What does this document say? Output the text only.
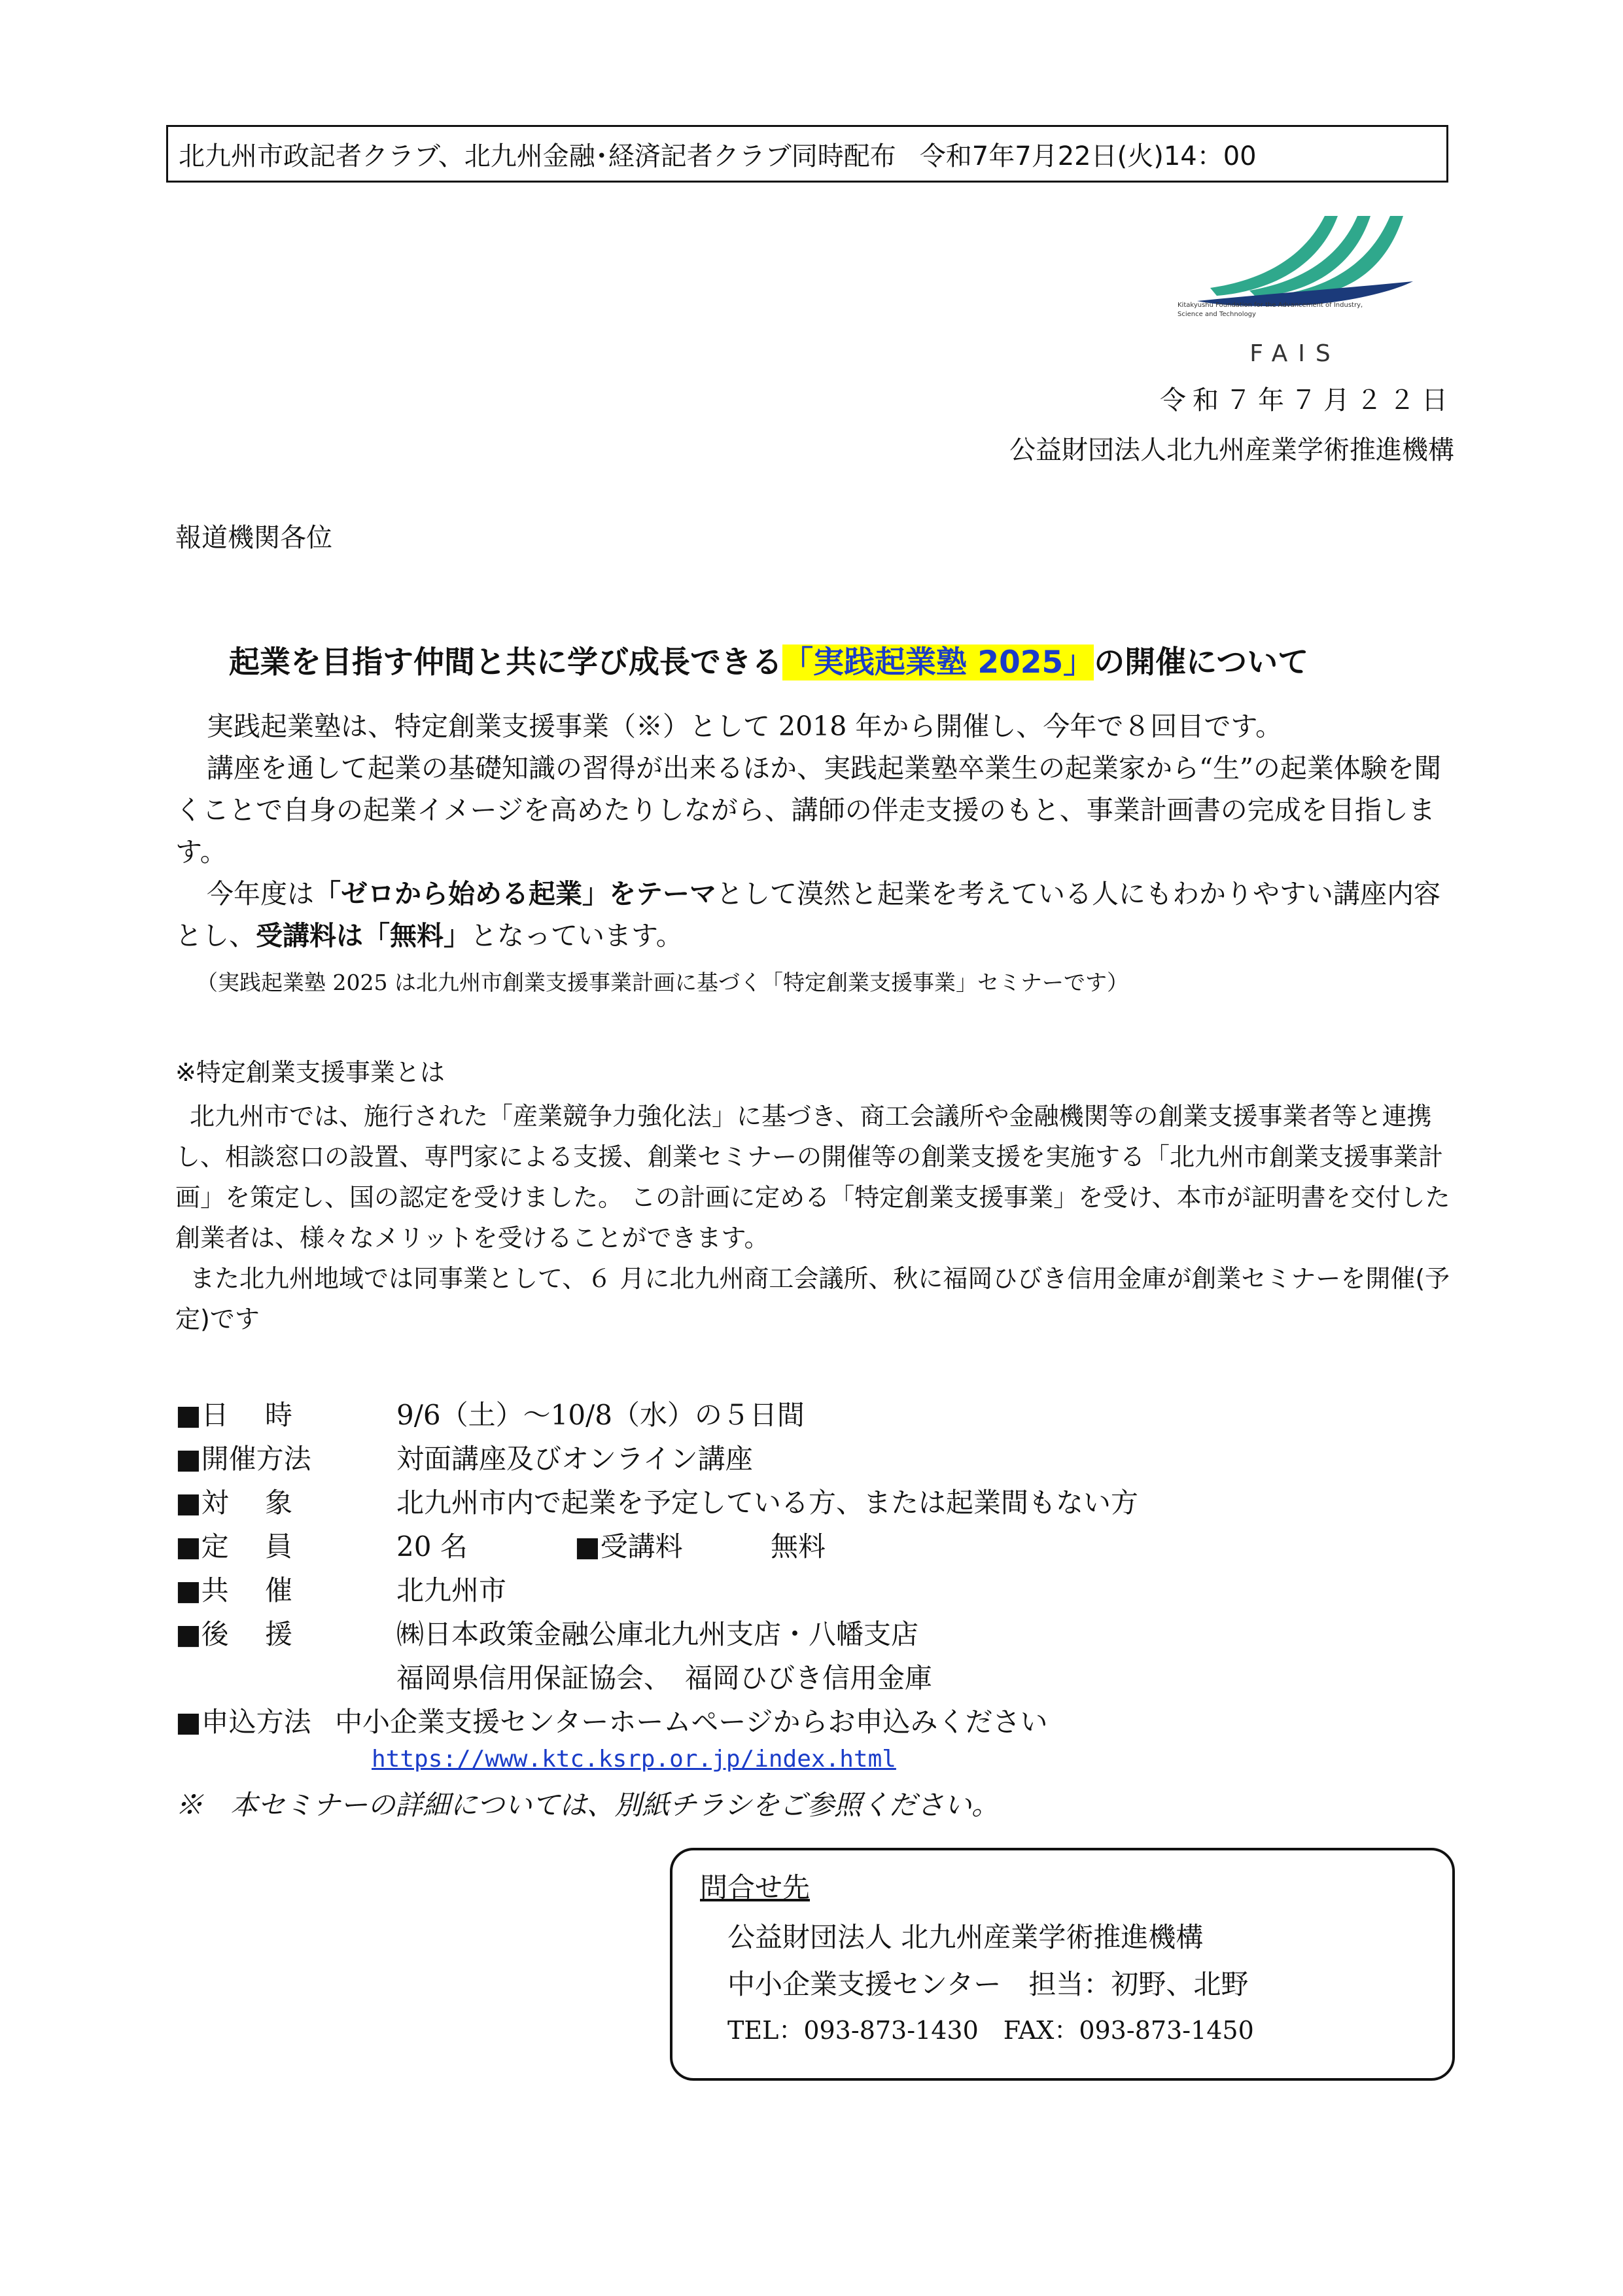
北九州市政記者クラブ、北九州金融･経済記者クラブ同時配布 令和7年7月22日(火)14：00
Kitakyushu Foundation for the Advancement of Industry, Science and Technology
FAIS
令和７年７月２２日
公益財団法人北九州産業学術推進機構
報道機関各位
起業を目指す仲間と共に学び成長できる「実践起業塾 2025」の開催について
実践起業塾は、特定創業支援事業（※）として 2018 年から開催し、今年で８回目です。
講座を通して起業の基礎知識の習得が出来るほか、実践起業塾卒業生の起業家から“生”の起業体験を聞くことで自身の起業イメージを高めたりしながら、講師の伴走支援のもと、事業計画書の完成を目指します。
今年度は「ゼロから始める起業」をテーマとして漠然と起業を考えている人にもわかりやすい講座内容とし、受講料は「無料」となっています。
（実践起業塾 2025 は北九州市創業支援事業計画に基づく「特定創業支援事業」セミナーです）
※特定創業支援事業とは
北九州市では、施行された「産業競争力強化法」に基づき、商工会議所や金融機関等の創業支援事業者等と連携し、相談窓口の設置、専門家による支援、創業セミナーの開催等の創業支援を実施する「北九州市創業支援事業計画」を策定し、国の認定を受けました。 この計画に定める「特定創業支援事業」を受け、本市が証明書を交付した創業者は、様々なメリットを受けることができます。
また北九州地域では同事業として、６ 月に北九州商工会議所、秋に福岡ひびき信用金庫が創業セミナーを開催(予定)です
■日　 時	9/6（土）～10/8（水）の５日間
■開催方法	対面講座及びオンライン講座
■対　 象	北九州市内で起業を予定している方、または起業間もない方
■定　 員	20 名	■受講料	無料
■共　 催	北九州市
■後　 援	㈱日本政策金融公庫北九州支店・八幡支店
福岡県信用保証協会、　福岡ひびき信用金庫
■申込方法 中小企業支援センターホームページからお申込みください
https://www.ktc.ksrp.or.jp/index.html
※　本セミナーの詳細については、別紙チラシをご参照ください。
問合せ先
公益財団法人 北九州産業学術推進機構
中小企業支援センター　担当：初野、北野
TEL：093-873-1430　FAX：093-873-1450
